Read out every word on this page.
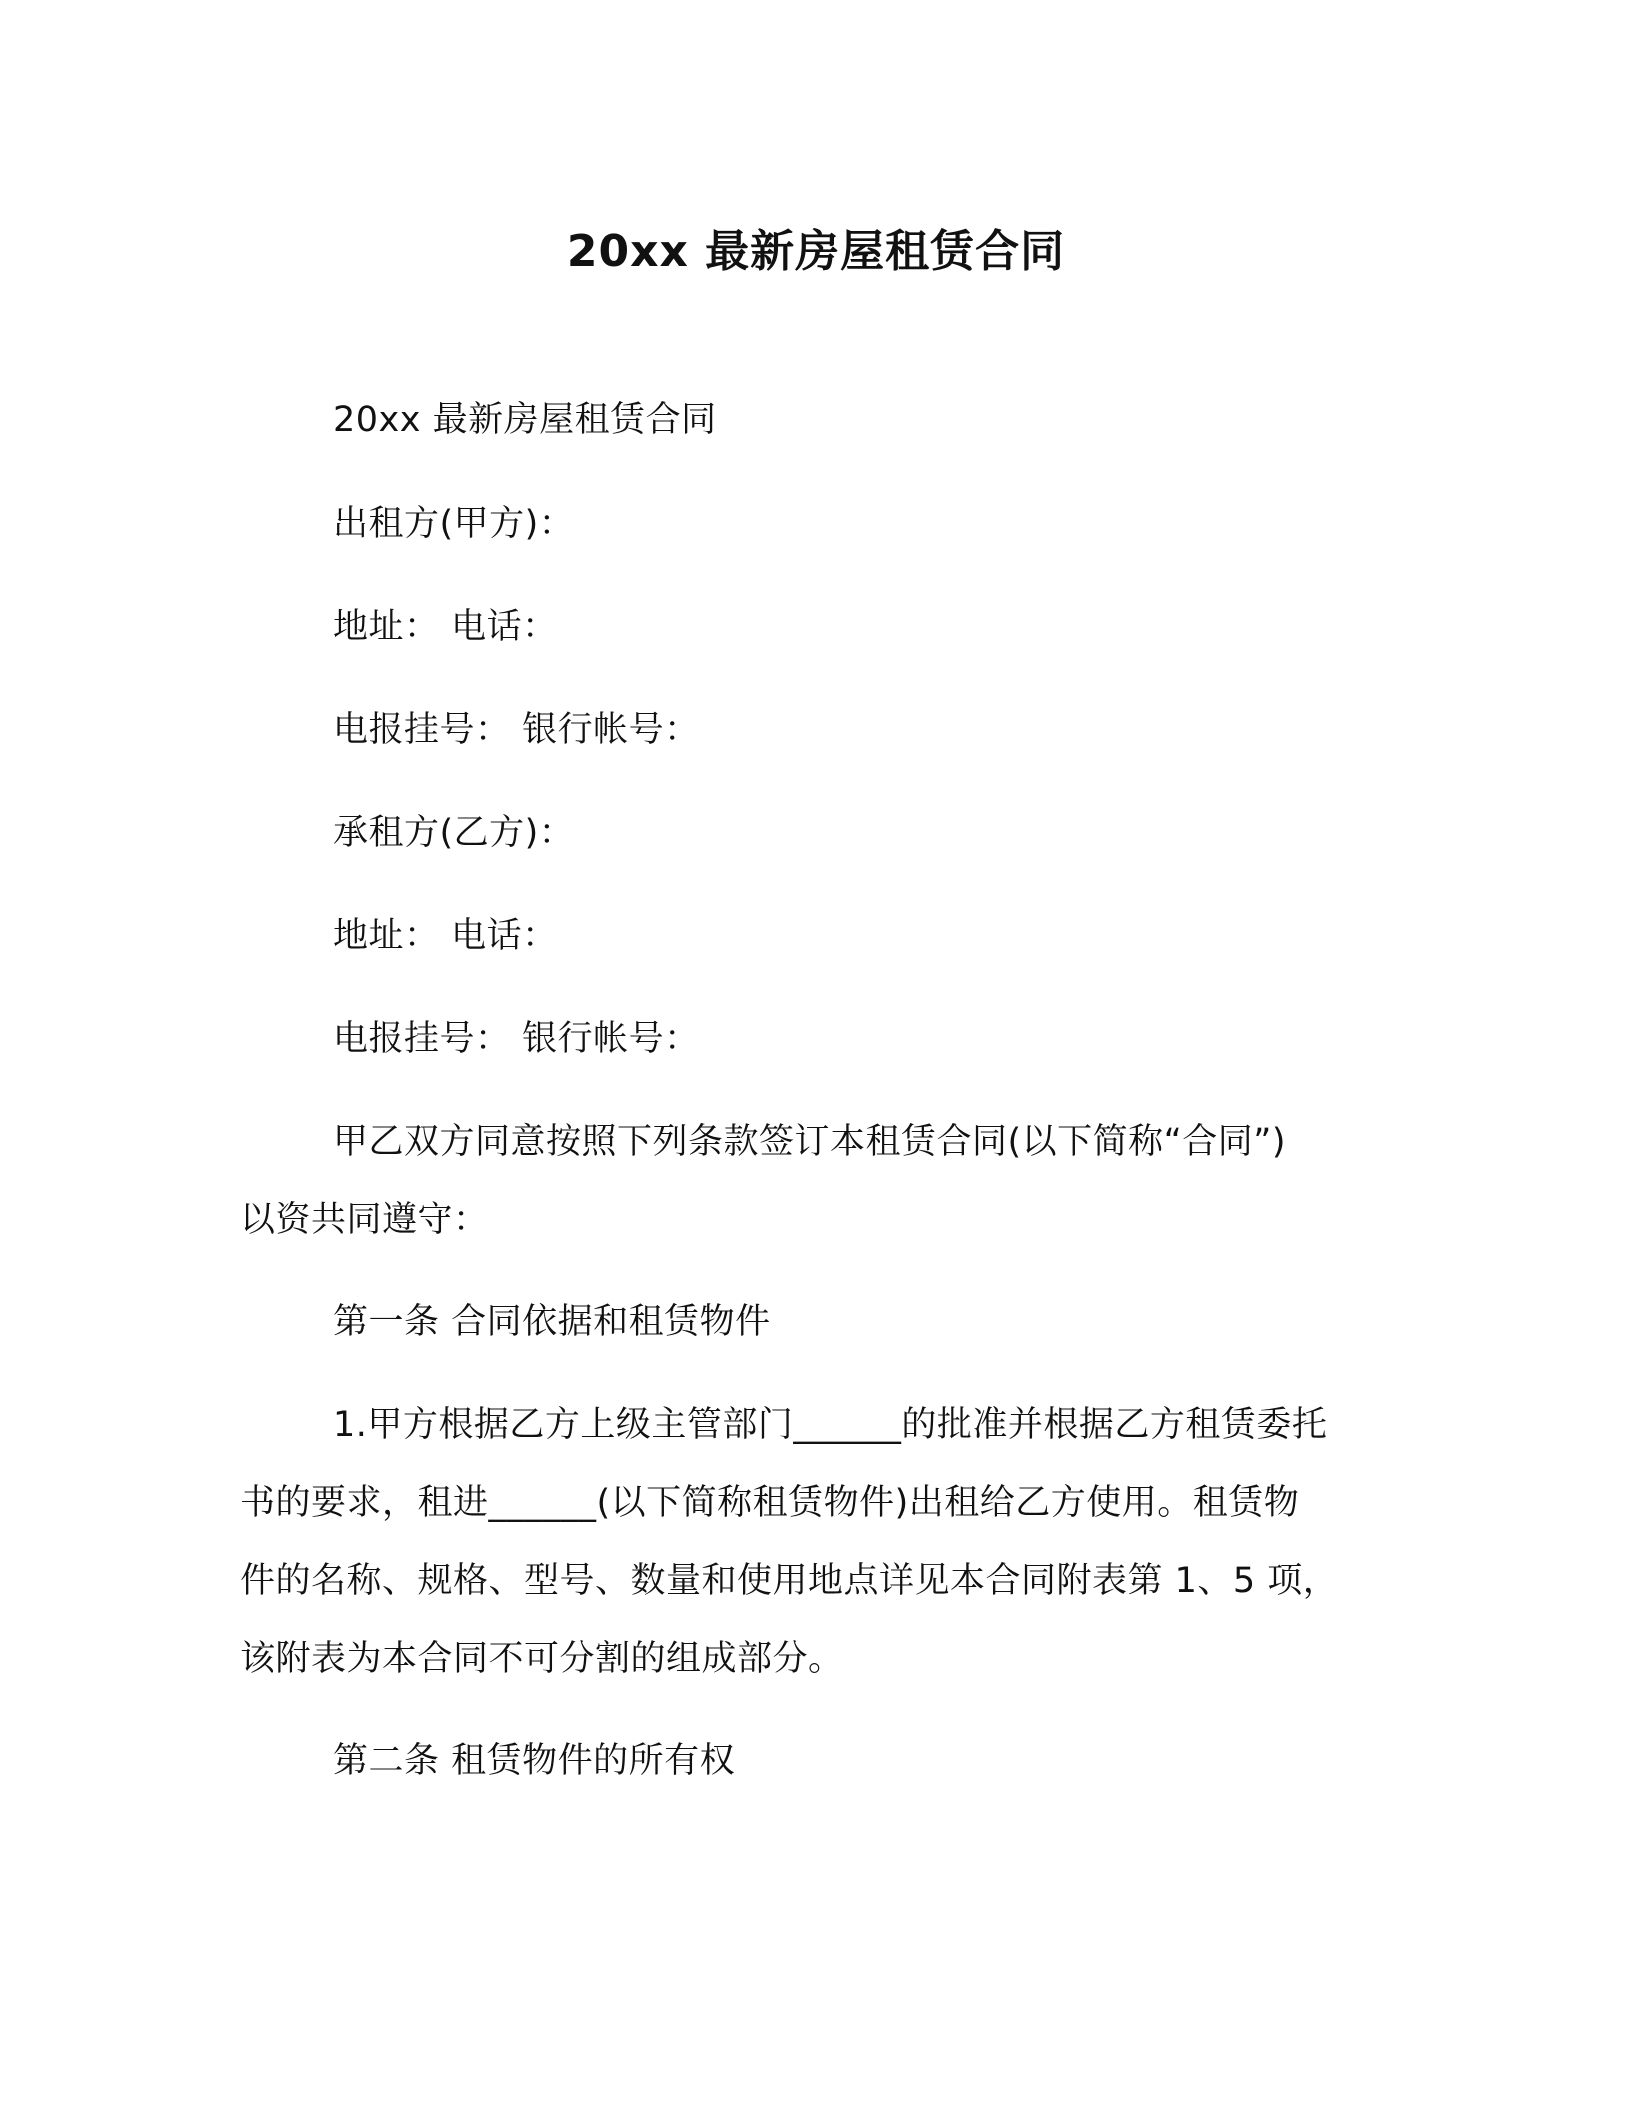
20xx 最新房屋租赁合同
20xx 最新房屋租赁合同
出租方(甲方)：
地址： 电话：
电报挂号： 银行帐号：
承租方(乙方)：
地址： 电话：
电报挂号： 银行帐号：
甲乙双方同意按照下列条款签订本租赁合同(以下简称“合同”)
以资共同遵守：
第一条 合同依据和租赁物件
1.甲方根据乙方上级主管部门______的批准并根据乙方租赁委托
书的要求，租进______(以下简称租赁物件)出租给乙方使用。租赁物
件的名称、规格、型号、数量和使用地点详见本合同附表第 1、5 项，
该附表为本合同不可分割的组成部分。
第二条 租赁物件的所有权
